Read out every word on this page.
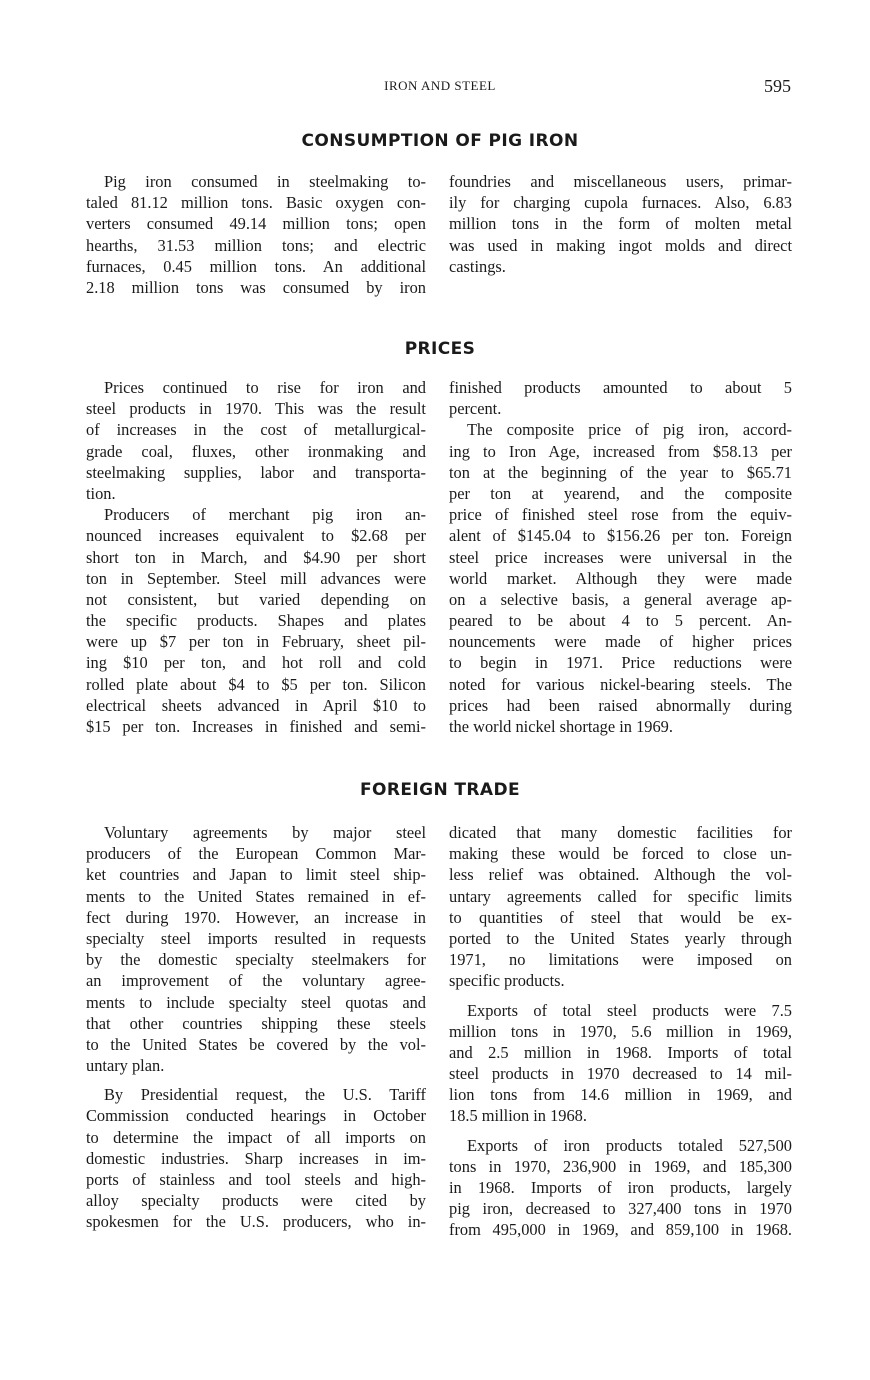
IRON AND STEEL	595
CONSUMPTION OF PIG IRON
Pig iron consumed in steelmaking to-
taled 81.12 million tons. Basic oxygen con-
verters consumed 49.14 million tons; open
hearths, 31.53 million tons; and electric
furnaces, 0.45 million tons. An additional
2.18 million tons was consumed by iron
foundries and miscellaneous users, primar-
ily for charging cupola furnaces. Also, 6.83
million tons in the form of molten metal
was used in making ingot molds and direct
castings.
PRICES
Prices continued to rise for iron and
steel products in 1970. This was the result
of increases in the cost of metallurgical-
grade coal, fluxes, other ironmaking and
steelmaking supplies, labor and transporta-
tion.
Producers of merchant pig iron an-
nounced increases equivalent to $2.68 per
short ton in March, and $4.90 per short
ton in September. Steel mill advances were
not consistent, but varied depending on
the specific products. Shapes and plates
were up $7 per ton in February, sheet pil-
ing $10 per ton, and hot roll and cold
rolled plate about $4 to $5 per ton. Silicon
electrical sheets advanced in April $10 to
$15 per ton. Increases in finished and semi-
finished products amounted to about 5
percent.
The composite price of pig iron, accord-
ing to Iron Age, increased from $58.13 per
ton at the beginning of the year to $65.71
per ton at yearend, and the composite
price of finished steel rose from the equiv-
alent of $145.04 to $156.26 per ton. Foreign
steel price increases were universal in the
world market. Although they were made
on a selective basis, a general average ap-
peared to be about 4 to 5 percent. An-
nouncements were made of higher prices
to begin in 1971. Price reductions were
noted for various nickel-bearing steels. The
prices had been raised abnormally during
the world nickel shortage in 1969.
FOREIGN TRADE
Voluntary agreements by major steel
producers of the European Common Mar-
ket countries and Japan to limit steel ship-
ments to the United States remained in ef-
fect during 1970. However, an increase in
specialty steel imports resulted in requests
by the domestic specialty steelmakers for
an improvement of the voluntary agree-
ments to include specialty steel quotas and
that other countries shipping these steels
to the United States be covered by the vol-
untary plan.
By Presidential request, the U.S. Tariff
Commission conducted hearings in October
to determine the impact of all imports on
domestic industries. Sharp increases in im-
ports of stainless and tool steels and high-
alloy specialty products were cited by
spokesmen for the U.S. producers, who in-
dicated that many domestic facilities for
making these would be forced to close un-
less relief was obtained. Although the vol-
untary agreements called for specific limits
to quantities of steel that would be ex-
ported to the United States yearly through
1971, no limitations were imposed on
specific products.
Exports of total steel products were 7.5
million tons in 1970, 5.6 million in 1969,
and 2.5 million in 1968. Imports of total
steel products in 1970 decreased to 14 mil-
lion tons from 14.6 million in 1969, and
18.5 million in 1968.
Exports of iron products totaled 527,500
tons in 1970, 236,900 in 1969, and 185,300
in 1968. Imports of iron products, largely
pig iron, decreased to 327,400 tons in 1970
from 495,000 in 1969, and 859,100 in 1968.
